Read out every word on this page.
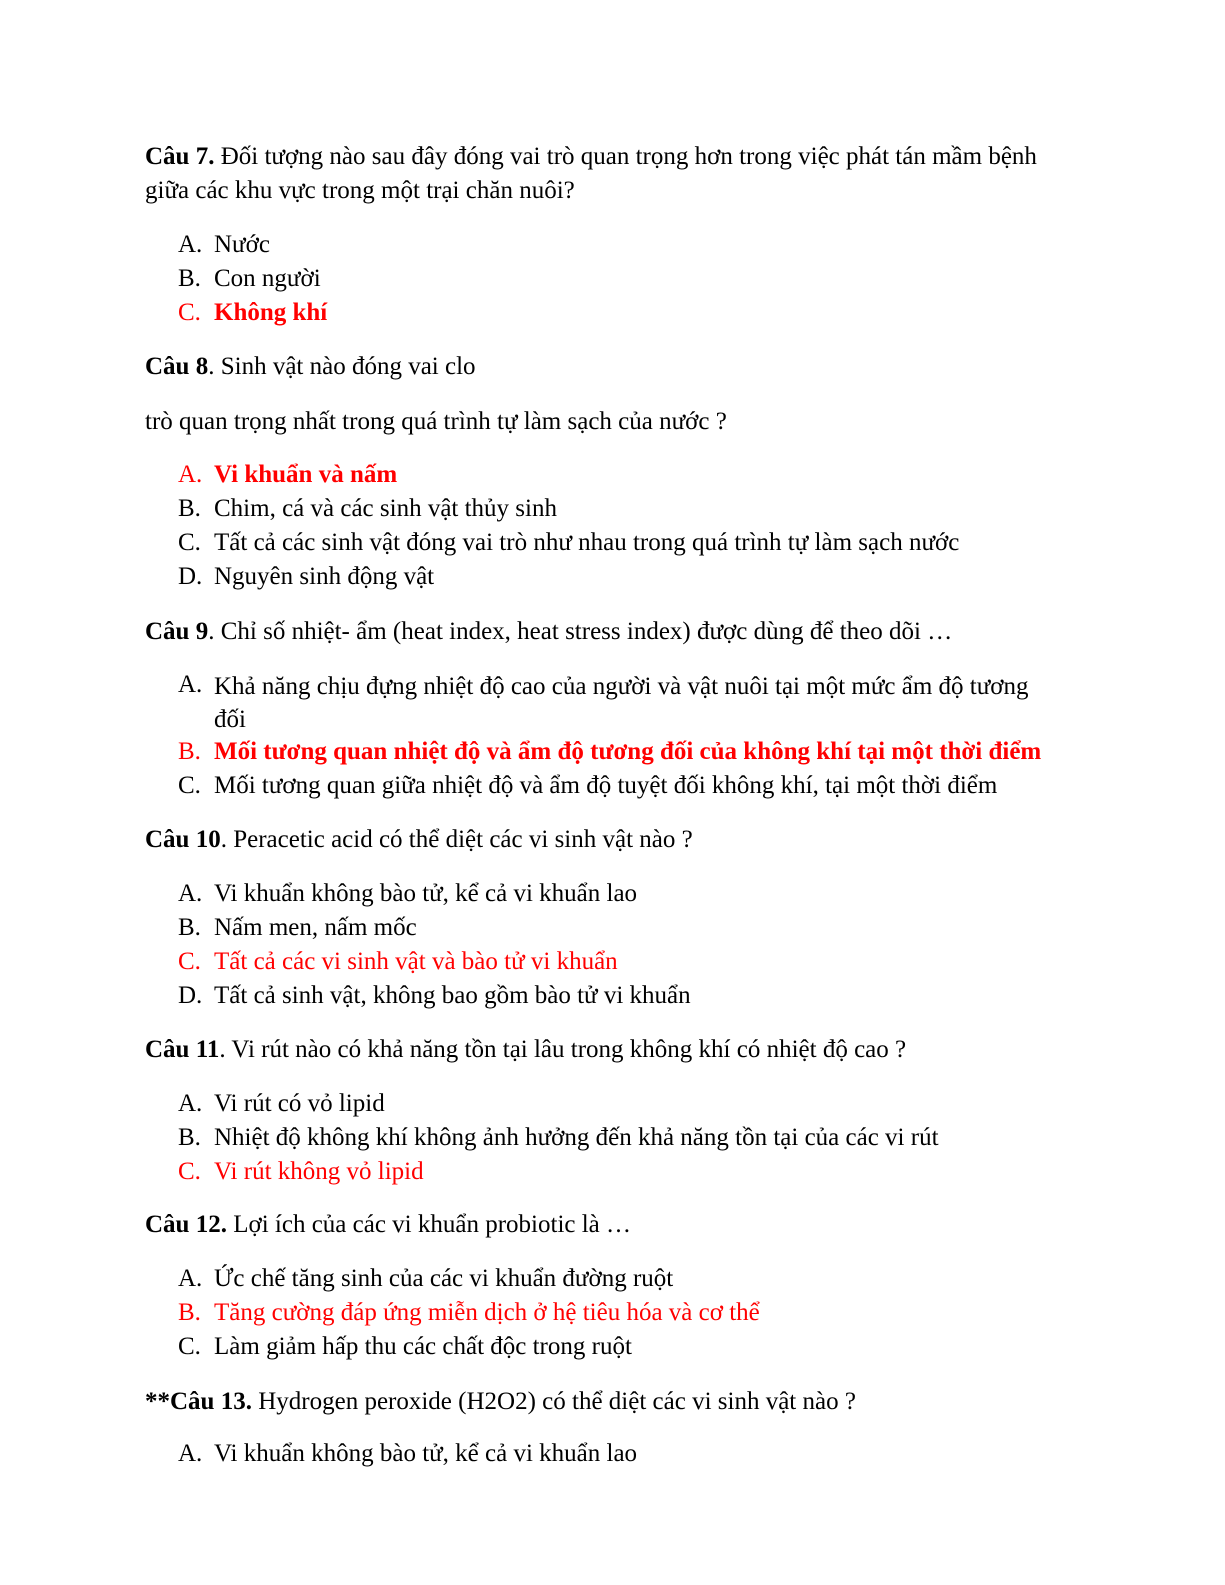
Câu 7. Đối tượng nào sau đây đóng vai trò quan trọng hơn trong việc phát tán mầm bệnh giữa các khu vực trong một trại chăn nuôi?
A. Nước
B. Con người
C. Không khí
Câu 8. Sinh vật nào đóng vai clo
trò quan trọng nhất trong quá trình tự làm sạch của nước ?
A. Vi khuẩn và nấm
B. Chim, cá và các sinh vật thủy sinh
C. Tất cả các sinh vật đóng vai trò như nhau trong quá trình tự làm sạch nước
D. Nguyên sinh động vật
Câu 9. Chỉ số nhiệt- ẩm (heat index, heat stress index) được dùng để theo dõi …
A. Khả năng chịu đựng nhiệt độ cao của người và vật nuôi tại một mức ẩm độ tương đối
B. Mối tương quan nhiệt độ và ẩm độ tương đối của không khí tại một thời điểm
C. Mối tương quan giữa nhiệt độ và ẩm độ tuyệt đối không khí, tại một thời điểm
Câu 10. Peracetic acid có thể diệt các vi sinh vật nào ?
A. Vi khuẩn không bào tử, kể cả vi khuẩn lao
B. Nấm men, nấm mốc
C. Tất cả các vi sinh vật và bào tử vi khuẩn
D. Tất cả sinh vật, không bao gồm bào tử vi khuẩn
Câu 11. Vi rút nào có khả năng tồn tại lâu trong không khí có nhiệt độ cao ?
A. Vi rút có vỏ lipid
B. Nhiệt độ không khí không ảnh hưởng đến khả năng tồn tại của các vi rút
C. Vi rút không vỏ lipid
Câu 12. Lợi ích của các vi khuẩn probiotic là …
A. Ức chế tăng sinh của các vi khuẩn đường ruột
B. Tăng cường đáp ứng miễn dịch ở hệ tiêu hóa và cơ thể
C. Làm giảm hấp thu các chất độc trong ruột
**Câu 13. Hydrogen peroxide (H2O2) có thể diệt các vi sinh vật nào ?
A. Vi khuẩn không bào tử, kể cả vi khuẩn lao
